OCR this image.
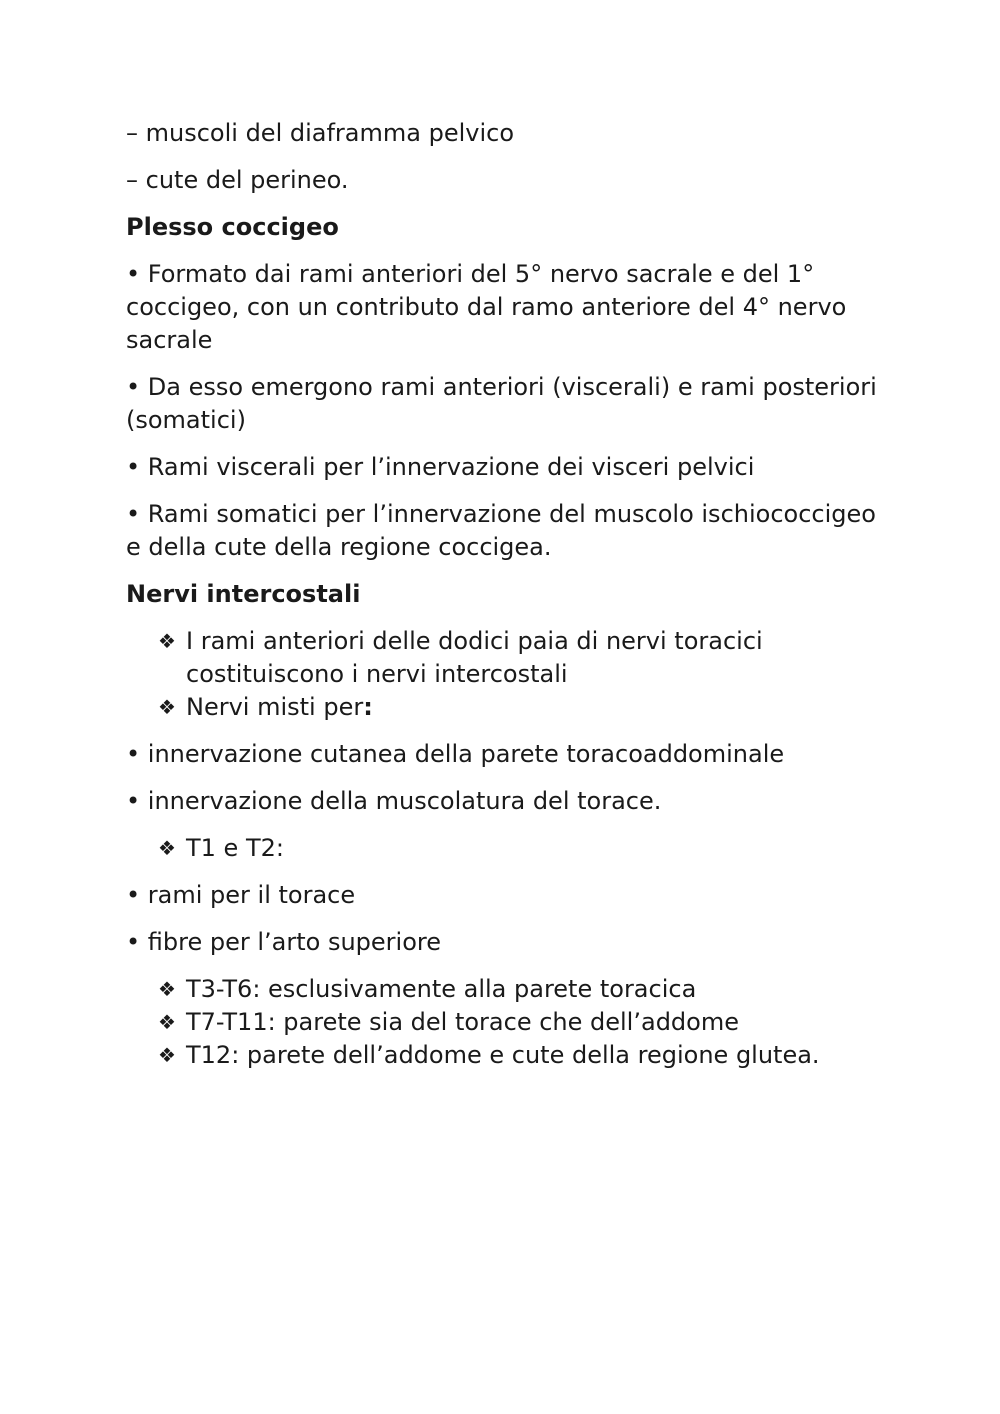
– muscoli del diaframma pelvico

– cute del perineo.

Plesso coccigeo

• Formato dai rami anteriori del 5° nervo sacrale e del 1° coccigeo, con un contributo dal ramo anteriore del 4° nervo sacrale

• Da esso emergono rami anteriori (viscerali) e rami posteriori (somatici)

• Rami viscerali per l’innervazione dei visceri pelvici

• Rami somatici per l’innervazione del muscolo ischiococcigeo e della cute della regione coccigea.

Nervi intercostali

❖ I rami anteriori delle dodici paia di nervi toracici costituiscono i nervi intercostali
❖ Nervi misti per:

• innervazione cutanea della parete toracoaddominale

• innervazione della muscolatura del torace.

❖ T1 e T2:

• rami per il torace

• fibre per l’arto superiore

❖ T3-T6: esclusivamente alla parete toracica
❖ T7-T11: parete sia del torace che dell’addome
❖ T12: parete dell’addome e cute della regione glutea.
